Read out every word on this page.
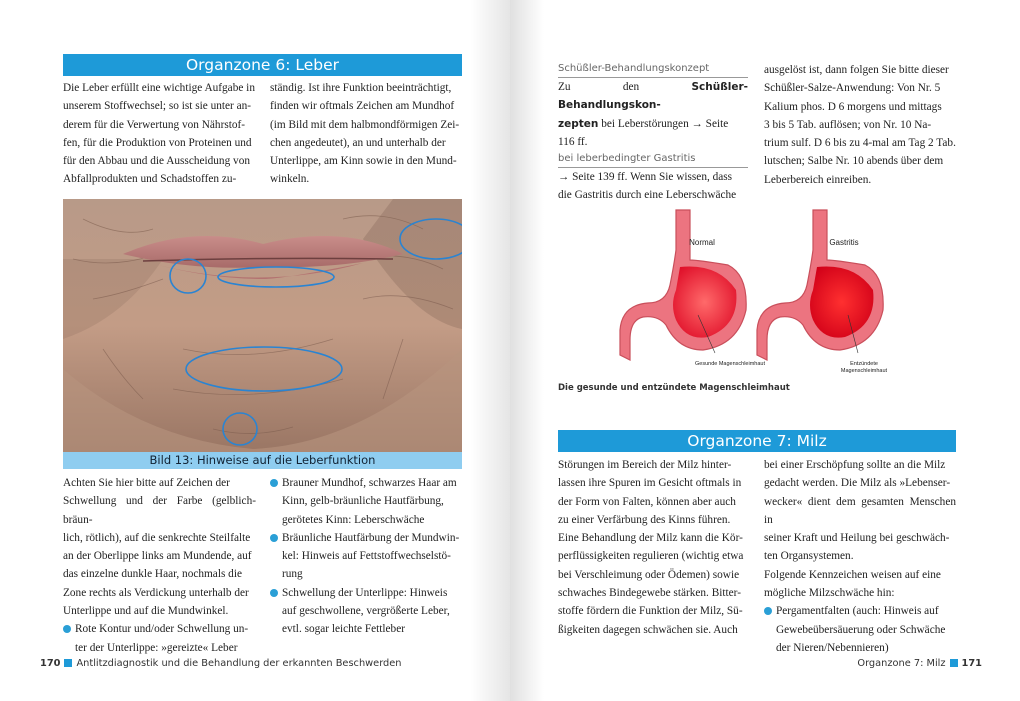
Organzone 6: Leber

Die Leber erfüllt eine wichtige Aufgabe in

unserem Stoffwechsel; so ist sie unter an-

derem für die Verwertung von Nährstof-

fen, für die Produktion von Proteinen und

für den Abbau und die Ausscheidung von

Abfallprodukten und Schadstoffen zu-

ständig. Ist ihre Funktion beeinträchtigt,

finden wir oftmals Zeichen am Mundhof

(im Bild mit dem halbmondförmigen Zei-

chen angedeutet), an und unterhalb der

Unterlippe, am Kinn sowie in den Mund-

winkeln.

Bild 13: Hinweise auf die Leberfunktion

Achten Sie hier bitte auf Zeichen der

Schwellung und der Farbe (gelblich-bräun-

lich, rötlich), auf die senkrechte Steilfalte

an der Oberlippe links am Mundende, auf

das einzelne dunkle Haar, nochmals die

Zone rechts als Verdickung unterhalb der

Unterlippe und auf die Mundwinkel.

Rote Kontur und/oder Schwellung un-

ter der Unterlippe: »gereizte« Leber

Brauner Mundhof, schwarzes Haar am

Kinn, gelb-bräunliche Hautfärbung,

gerötetes Kinn: Leberschwäche

Bräunliche Hautfärbung der Mundwin-

kel: Hinweis auf Fettstoffwechselstö-

rung

Schwellung der Unterlippe: Hinweis

auf geschwollene, vergrößerte Leber,

evtl. sogar leichte Fettleber

170 Antlitzdiagnostik und die Behandlung der erkannten Beschwerden

Schüßler-Behandlungskonzept

Zu den Schüßler-Behandlungskon-

zepten bei Leberstörungen → Seite

116 ff.

bei leberbedingter Gastritis

→ Seite 139 ff. Wenn Sie wissen, dass

die Gastritis durch eine Leberschwäche

ausgelöst ist, dann folgen Sie bitte dieser

Schüßler-Salze-Anwendung: Von Nr. 5

Kalium phos. D 6 morgens und mittags

3 bis 5 Tab. auflösen; von Nr. 10 Na-

trium sulf. D 6 bis zu 4-mal am Tag 2 Tab.

lutschen; Salbe Nr. 10 abends über dem

Leberbereich einreiben.

Normal	Gastritis
Gesunde Magenschleimhaut	Entzündete
Magenschleimhaut
Die gesunde und entzündete Magenschleimhaut
Organzone 7: Milz

Störungen im Bereich der Milz hinter-

lassen ihre Spuren im Gesicht oftmals in

der Form von Falten, können aber auch

zu einer Verfärbung des Kinns führen.

Eine Behandlung der Milz kann die Kör-

perflüssigkeiten regulieren (wichtig etwa

bei Verschleimung oder Ödemen) sowie

schwaches Bindegewebe stärken. Bitter-

stoffe fördern die Funktion der Milz, Sü-

ßigkeiten dagegen schwächen sie. Auch

bei einer Erschöpfung sollte an die Milz

gedacht werden. Die Milz als »Lebenser-

wecker« dient dem gesamten Menschen in

seiner Kraft und Heilung bei geschwäch-

ten Organsystemen.

Folgende Kennzeichen weisen auf eine

mögliche Milzschwäche hin:

Pergamentfalten (auch: Hinweis auf

Gewebeübersäuerung oder Schwäche

der Nieren/Nebennieren)

Organzone 7: Milz 171
